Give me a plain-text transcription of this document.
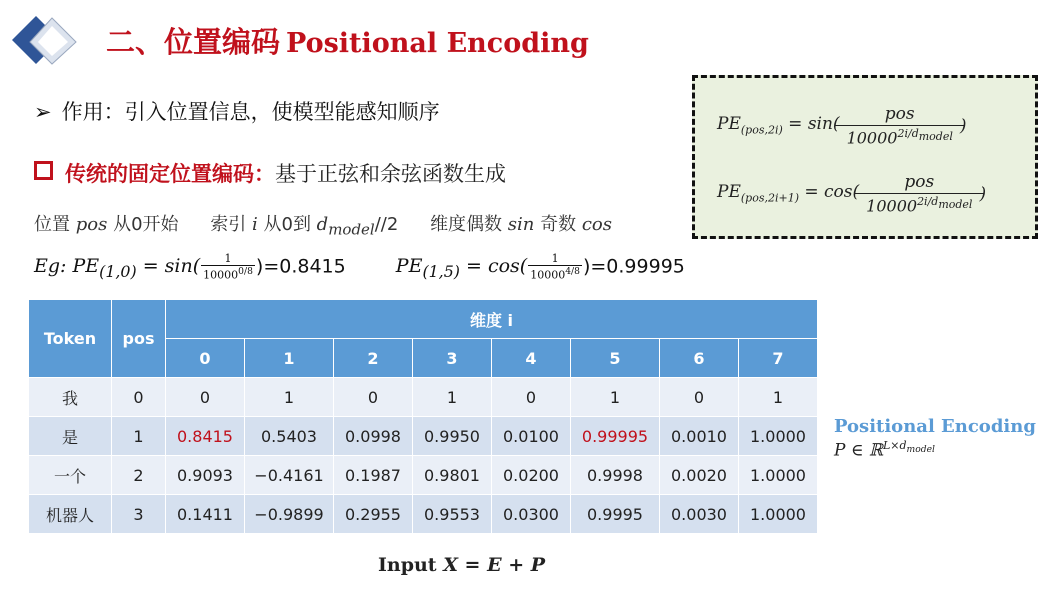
二、位置编码 Positional Encoding
➢ 作用：引入位置信息，使模型能感知顺序
传统的固定位置编码：基于正弦和余弦函数生成
位置 pos 从0开始 索引 i 从0到 $d_{model}//2$ 维度偶数 sin 奇数 cos
Eg: $PE_{(1,0)} = \sin( \frac{1}{10000^{0/8}} )=0.8415$	$PE_{(1,5)} = \cos( \frac{1}{10000^{4/8}} )=0.99995$
$PE_{(pos,2i)} = \sin( \frac{\text{pos}}{10000^{2i/d_{model}}}$ )
$PE_{(pos,2i+1)} = \cos( \frac{\text{pos}}{10000^{2i/d_{model}}}$ )
Token	pos	维度 i							
		0	1	2	3	4	5	6	7
我	0	0	1	0	1	0	1	0	1
是	1	0.8415	0.5403	0.0998	0.9950	0.0100	0.99995	0.0010	1.0000
一个	2	0.9093	−0.4161	0.1987	0.9801	0.0200	0.9998	0.0020	1.0000
机器人	3	0.1411	−0.9899	0.2955	0.9553	0.0300	0.9995	0.0030	1.0000
Positional Encoding
P ∈ ℝ$^{L\times d_{model}}$
Input X = E + P
